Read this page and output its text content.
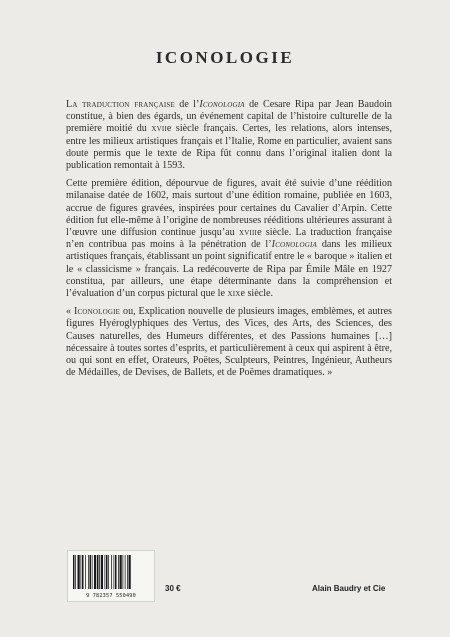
ICONOLOGIE

La traduction française de l’Iconologia de Cesare Ripa par Jean Baudoin constitue, à bien des égards, un événement capital de l’histoire culturelle de la première moitié du xviie siècle français. Certes, les relations, alors intenses, entre les milieux artistiques français et l’Italie, Rome en particulier, avaient sans doute permis que le texte de Ripa fût connu dans l’original italien dont la publication remontait à 1593.

Cette première édition, dépourvue de figures, avait été suivie d’une réédition milanaise datée de 1602, mais surtout d’une édition romaine, publiée en 1603, accrue de figures gravées, inspirées pour certaines du Cavalier d’Arpin. Cette édition fut elle-même à l’origine de nombreuses rééditions ultérieures assurant à l’œuvre une diffusion continue jusqu’au xviiie siècle. La traduction française n’en contribua pas moins à la pénétration de l’Iconologia dans les milieux artistiques français, établissant un point significatif entre le « baroque » italien et le « classicisme » français. La redécouverte de Ripa par Émile Mâle en 1927 constitua, par ailleurs, une étape déterminante dans la compréhension et l’évaluation d’un corpus pictural que le xixe siècle.

« Iconologie ou, Explication nouvelle de plusieurs images, emblèmes, et autres figures Hyéroglyphiques des Vertus, des Vices, des Arts, des Sciences, des Causes naturelles, des Humeurs différentes, et des Passions humaines […] nécessaire à toutes sortes d’esprits, et particulièrement à ceux qui aspirent à être, ou qui sont en effet, Orateurs, Poëtes, Sculpteurs, Peintres, Ingénieur, Autheurs de Médailles, de Devises, de Ballets, et de Poëmes dramatiques. »

9 782357 550490
30 €	Alain Baudry et Cie
